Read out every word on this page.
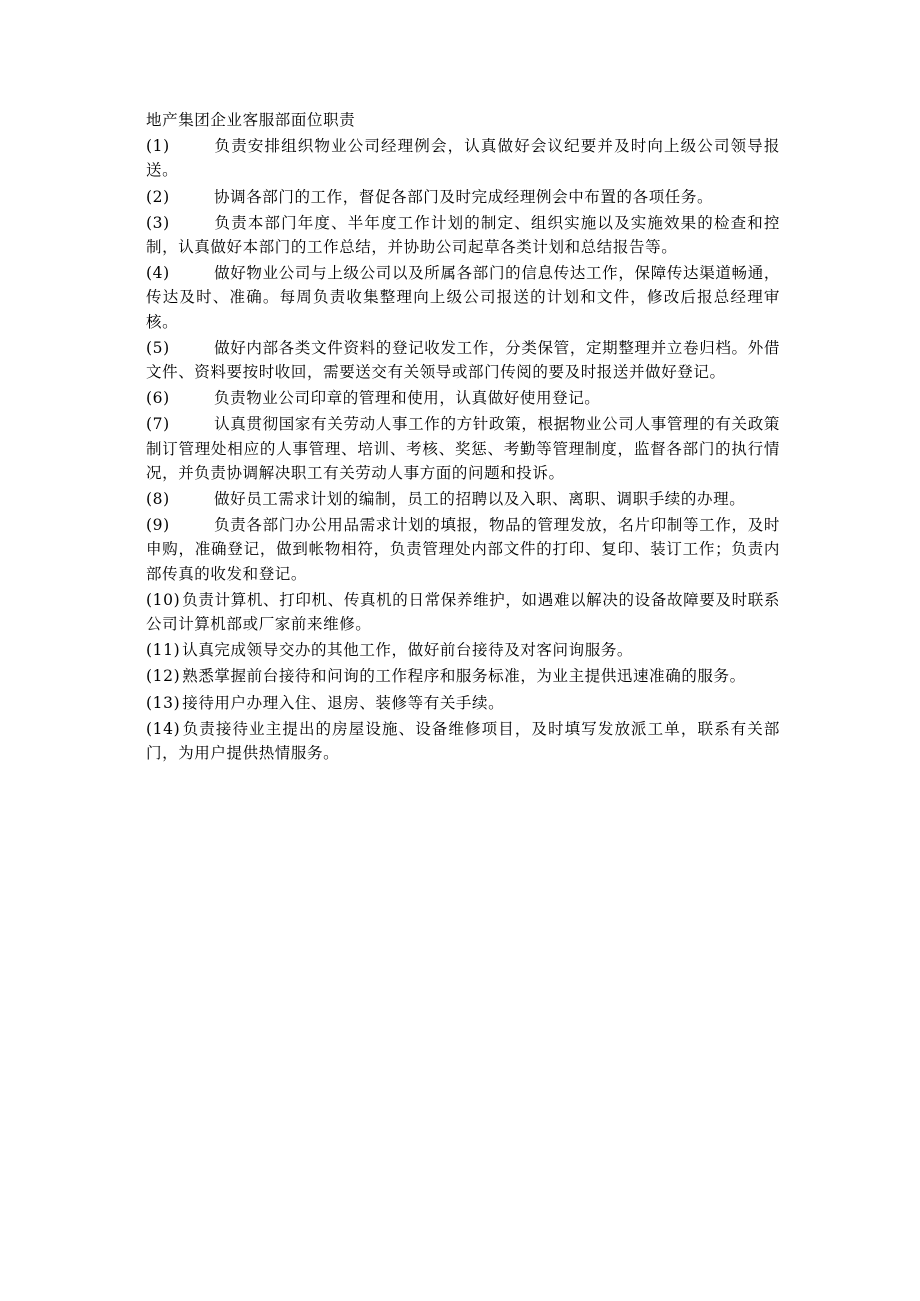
地产集团企业客服部面位职责
(1)	负责安排组织物业公司经理例会，认真做好会议纪要并及时向上级公司领导报送。
(2)	协调各部门的工作，督促各部门及时完成经理例会中布置的各项任务。
(3)	负责本部门年度、半年度工作计划的制定、组织实施以及实施效果的检查和控制，认真做好本部门的工作总结，并协助公司起草各类计划和总结报告等。
(4)	做好物业公司与上级公司以及所属各部门的信息传达工作，保障传达渠道畅通，传达及时、准确。每周负责收集整理向上级公司报送的计划和文件，修改后报总经理审核。
(5)	做好内部各类文件资料的登记收发工作，分类保管，定期整理并立卷归档。外借文件、资料要按时收回，需要送交有关领导或部门传阅的要及时报送并做好登记。
(6)	负责物业公司印章的管理和使用，认真做好使用登记。
(7)	认真贯彻国家有关劳动人事工作的方针政策，根据物业公司人事管理的有关政策制订管理处相应的人事管理、培训、考核、奖惩、考勤等管理制度，监督各部门的执行情况，并负责协调解决职工有关劳动人事方面的问题和投诉。
(8)	做好员工需求计划的编制，员工的招聘以及入职、离职、调职手续的办理。
(9)	负责各部门办公用品需求计划的填报，物品的管理发放，名片印制等工作，及时申购，准确登记，做到帐物相符，负责管理处内部文件的打印、复印、装订工作；负责内部传真的收发和登记。
(10) 负责计算机、打印机、传真机的日常保养维护，如遇难以解决的设备故障要及时联系公司计算机部或厂家前来维修。
(11) 认真完成领导交办的其他工作，做好前台接待及对客问询服务。
(12) 熟悉掌握前台接待和问询的工作程序和服务标准，为业主提供迅速准确的服务。
(13) 接待用户办理入住、退房、装修等有关手续。
(14) 负责接待业主提出的房屋设施、设备维修项目，及时填写发放派工单，联系有关部门，为用户提供热情服务。
